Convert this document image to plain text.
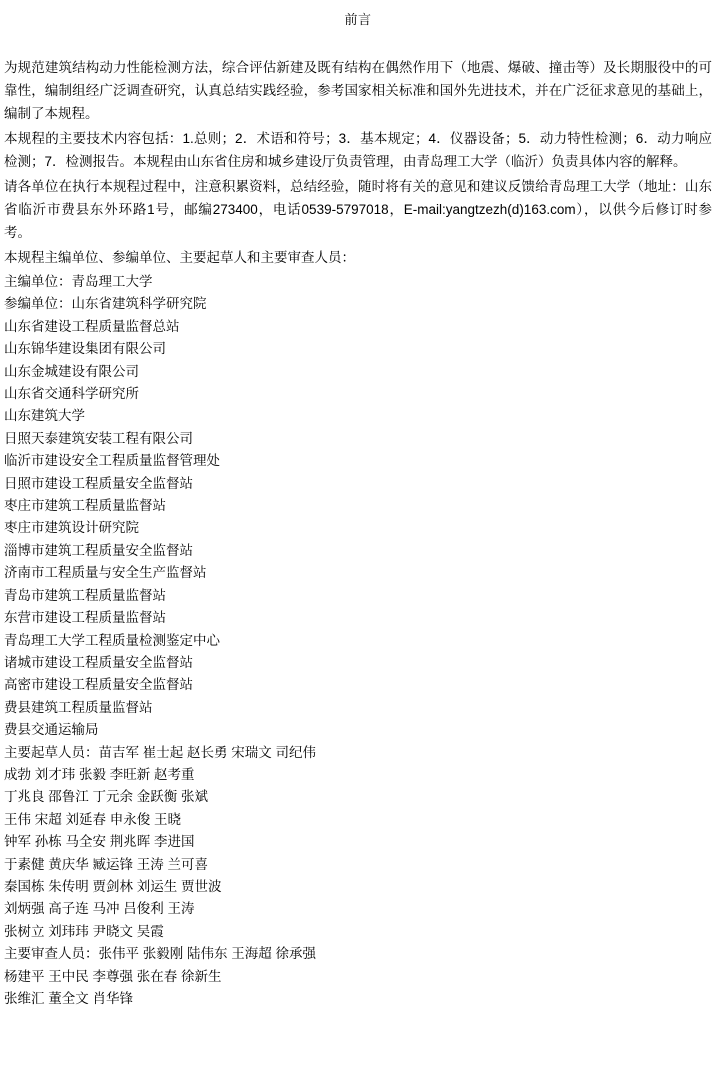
前言

为规范建筑结构动力性能检测方法，综合评估新建及既有结构在偶然作用下（地震、爆破、撞击等）及长期服役中的可靠性，编制组经广泛调查研究，认真总结实践经验，参考国家相关标准和国外先进技术，并在广泛征求意见的基础上，编制了本规程。

本规程的主要技术内容包括：1.总则；2．术语和符号；3．基本规定；4．仪器设备；5．动力特性检测；6．动力响应检测；7．检测报告。本规程由山东省住房和城乡建设厅负责管理，由青岛理工大学（临沂）负责具体内容的解释。

请各单位在执行本规程过程中，注意积累资料，总结经验，随时将有关的意见和建议反馈给青岛理工大学（地址：山东省临沂市费县东外环路1号，邮编273400，电话0539-5797018，E-mail:yangtzezh(d)163.com），以供今后修订时参考。

本规程主编单位、参编单位、主要起草人和主要审查人员：

主编单位：青岛理工大学
参编单位：山东省建筑科学研究院
山东省建设工程质量监督总站
山东锦华建设集团有限公司
山东金城建设有限公司
山东省交通科学研究所
山东建筑大学
日照天泰建筑安装工程有限公司
临沂市建设安全工程质量监督管理处
日照市建设工程质量安全监督站
枣庄市建筑工程质量监督站
枣庄市建筑设计研究院
淄博市建筑工程质量安全监督站
济南市工程质量与安全生产监督站
青岛市建筑工程质量监督站
东营市建设工程质量监督站
青岛理工大学工程质量检测鉴定中心
诸城市建设工程质量安全监督站
高密市建设工程质量安全监督站
费县建筑工程质量监督站
费县交通运输局
主要起草人员：苗吉军 崔士起 赵长勇 宋瑞文 司纪伟
成勃 刘才玮 张毅 李旺新 赵考重
丁兆良 邵鲁江 丁元余 金跃衡 张斌
王伟 宋超 刘延春 申永俊 王晓
钟军 孙栋 马全安 荆兆晖 李进国
于素健 黄庆华 臧运锋 王涛 兰可喜
秦国栋 朱传明 贾剑林 刘运生 贾世波
刘炳强 高子连 马冲 吕俊利 王涛
张树立 刘玮玮 尹晓文 吴霞
主要审查人员：张伟平 张毅刚 陆伟东 王海超 徐承强
杨建平 王中民 李尊强 张在春 徐新生
张维汇 董全文 肖华锋
